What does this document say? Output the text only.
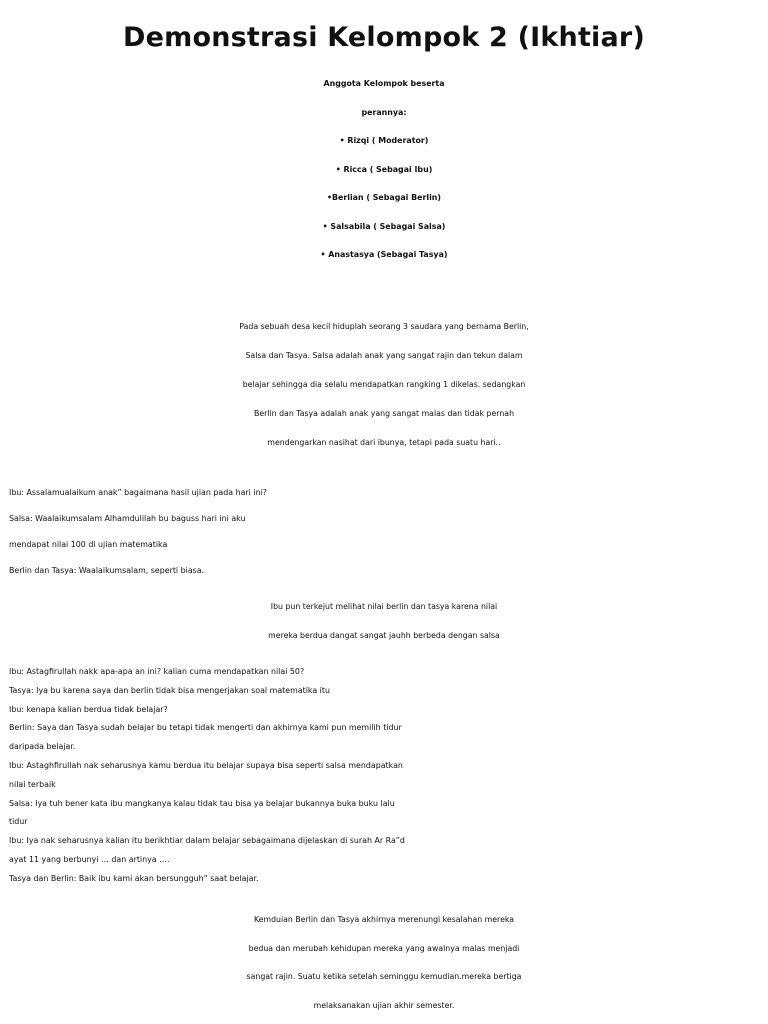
Demonstrasi Kelompok 2 (Ikhtiar)
Anggota Kelompok beserta
perannya:
• Rizqi ( Moderator)
• Ricca ( Sebagai Ibu)
•Berlian ( Sebagai Berlin)
• Salsabila ( Sebagai Salsa)
• Anastasya (Sebagai Tasya)
Pada sebuah desa kecil hiduplah seorang 3 saudara yang bernama Berlin,
Salsa dan Tasya. Salsa adalah anak yang sangat rajin dan tekun dalam
belajar sehingga dia selalu mendapatkan rangking 1 dikelas. sedangkan
Berlin dan Tasya adalah anak yang sangat malas dan tidak pernah
mendengarkan nasihat dari ibunya, tetapi pada suatu hari..
Ibu: Assalamualaikum anak” bagaimana hasil ujian pada hari ini?
Salsa: Waalaikumsalam Alhamdulilah bu baguss hari ini aku
mendapat nilai 100 di ujian matematika
Berlin dan Tasya: Waalaikumsalam, seperti biasa.
Ibu pun terkejut melihat nilai berlin dan tasya karena nilai
mereka berdua dangat sangat jauhh berbeda dengan salsa
Ibu: Astagfirullah nakk apa-apa an ini? kalian cuma mendapatkan nilai 50?
Tasya: Iya bu karena saya dan berlin tidak bisa mengerjakan soal matematika itu
Ibu: kenapa kalian berdua tidak belajar?
Berlin: Saya dan Tasya sudah belajar bu tetapi tidak mengerti dan akhirnya kami pun memilih tidur
daripada belajar.
Ibu: Astaghfirullah nak seharusnya kamu berdua itu belajar supaya bisa seperti salsa mendapatkan
nilai terbaik
Salsa: Iya tuh bener kata ibu mangkanya kalau tidak tau bisa ya belajar bukannya buka buku lalu
tidur
Ibu: Iya nak seharusnya kalian itu berikhtiar dalam belajar sebagaimana dijelaskan di surah Ar Ra”d
ayat 11 yang berbunyi … dan artinya ….
Tasya dan Berlin: Baik ibu kami akan bersungguh” saat belajar.
Kemduian Berlin dan Tasya akhirnya merenungi kesalahan mereka
bedua dan merubah kehidupan mereka yang awalnya malas menjadi
sangat rajin. Suatu ketika setelah seminggu kemudian.mereka bertiga
melaksanakan ujian akhir semester.
